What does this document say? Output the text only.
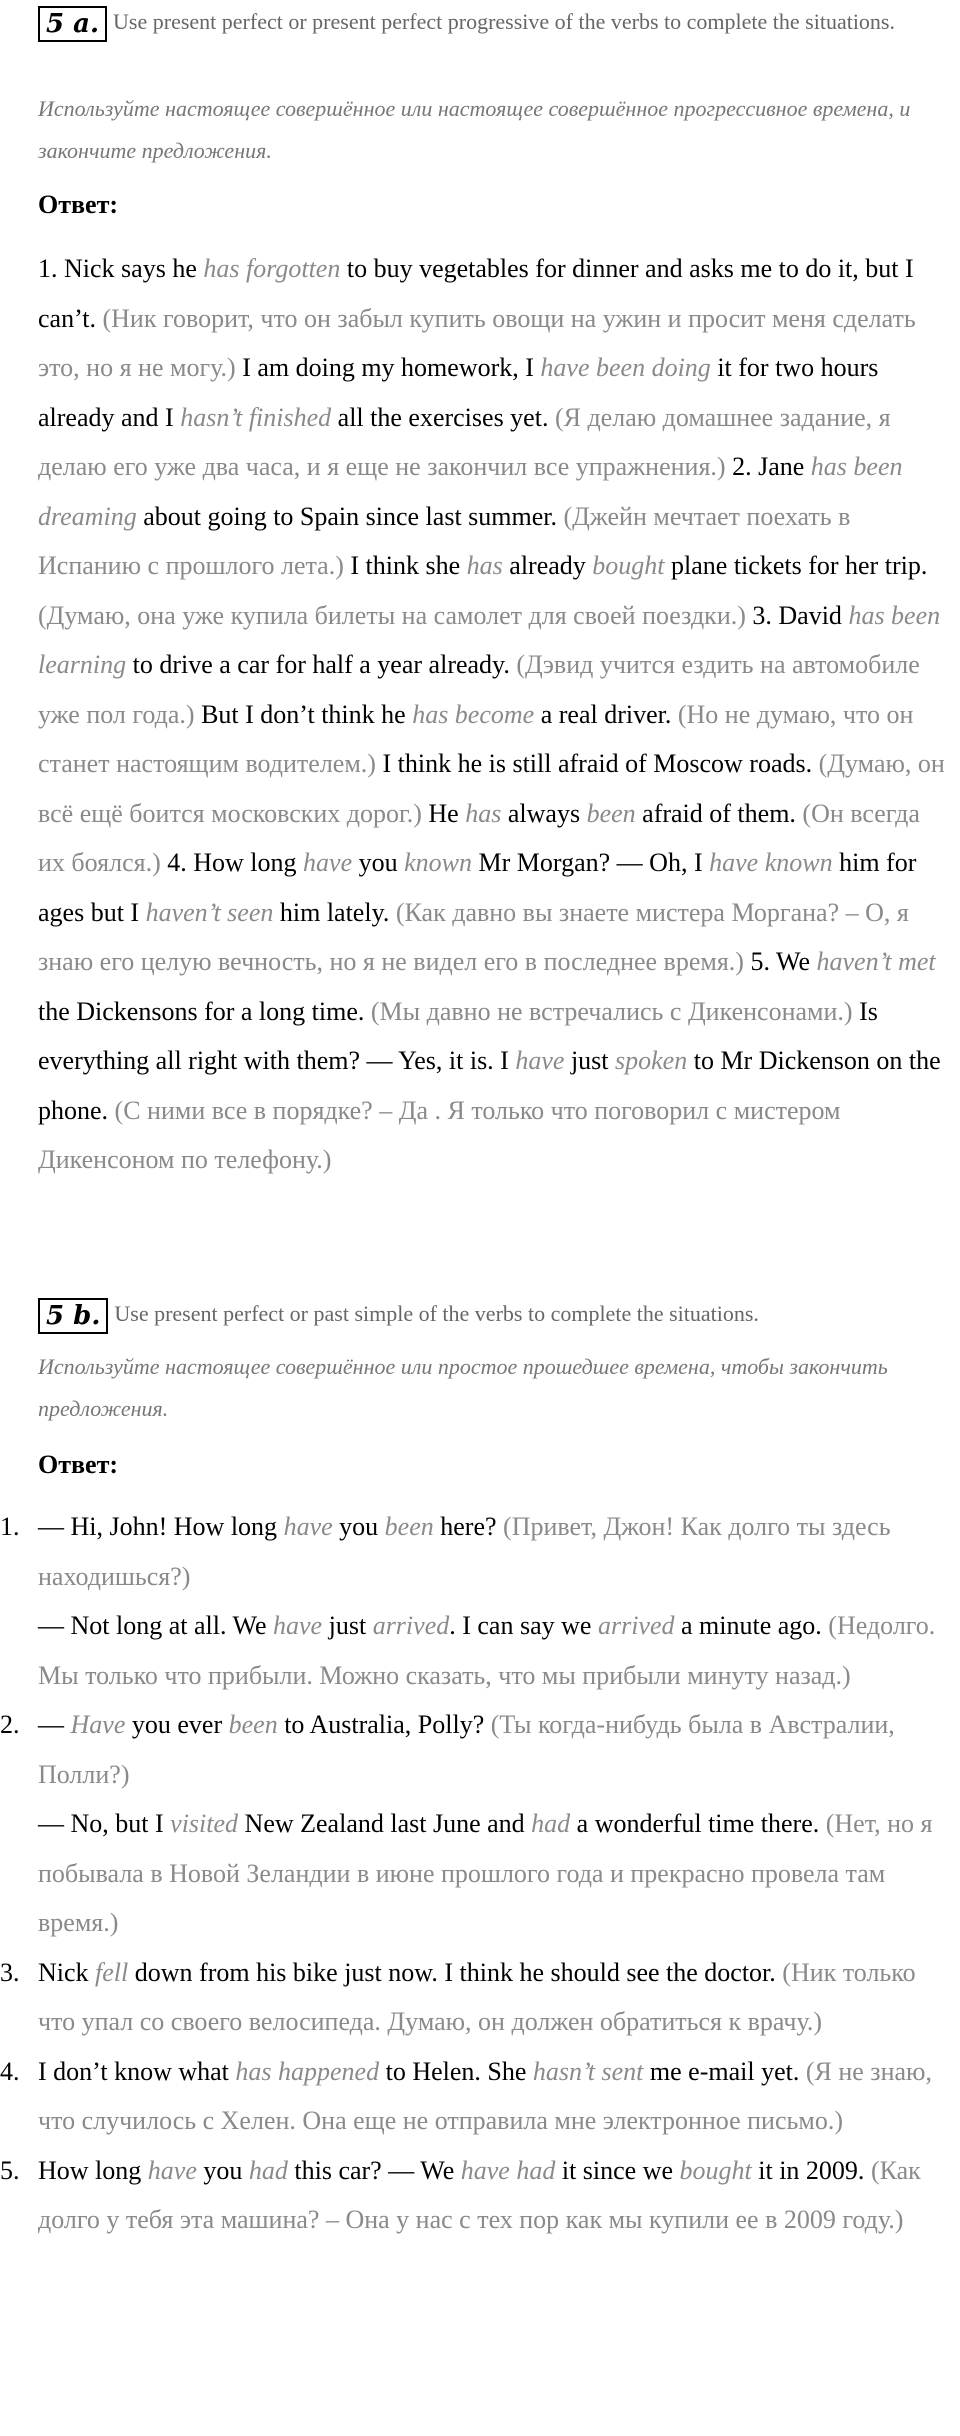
5 a. Use present perfect or present perfect progressive of the verbs to complete the situations.
Используйте настоящее совершённое или настоящее совершённое прогрессивное времена, и закончите предложения.
Ответ:
1. Nick says he has forgotten to buy vegetables for dinner and asks me to do it, but I can’t. (Ник говорит, что он забыл купить овощи на ужин и просит меня сделать это, но я не могу.) I am doing my homework, I have been doing it for two hours already and I hasn’t finished all the exercises yet. (Я делаю домашнее задание, я делаю его уже два часа, и я еще не закончил все упражнения.) 2. Jane has been dreaming about going to Spain since last summer. (Джейн мечтает поехать в Испанию с прошлого лета.) I think she has already bought plane tickets for her trip. (Думаю, она уже купила билеты на самолет для своей поездки.) 3. David has been learning to drive a car for half a year already. (Дэвид учится ездить на автомобиле уже пол года.) But I don’t think he has become a real driver. (Но не думаю, что он станет настоящим водителем.) I think he is still afraid of Moscow roads. (Думаю, он всё ещё боится московских дорог.) He has always been afraid of them. (Он всегда их боялся.) 4. How long have you known Mr Morgan? — Oh, I have known him for ages but I haven’t seen him lately. (Как давно вы знаете мистера Моргана? – О, я знаю его целую вечность, но я не видел его в последнее время.) 5. We haven’t met the Dickensons for a long time. (Мы давно не встречались с Дикенсонами.) Is everything all right with them? — Yes, it is. I have just spoken to Mr Dickenson on the phone. (С ними все в порядке? – Да . Я только что поговорил с мистером Дикенсоном по телефону.)
5 b. Use present perfect or past simple of the verbs to complete the situations.
Используйте настоящее совершённое или простое прошедшее времена, чтобы закончить предложения.
Ответ:
1. — Hi, John! How long have you been here? (Привет, Джон! Как долго ты здесь находишься?)
— Not long at all. We have just arrived. I can say we arrived a minute ago. (Недолго. Мы только что прибыли. Можно сказать, что мы прибыли минуту назад.)
2. — Have you ever been to Australia, Polly? (Ты когда-нибудь была в Австралии, Полли?)
— No, but I visited New Zealand last June and had a wonderful time there. (Нет, но я побывала в Новой Зеландии в июне прошлого года и прекрасно провела там время.)
3. Nick fell down from his bike just now. I think he should see the doctor. (Ник только что упал со своего велосипеда. Думаю, он должен обратиться к врачу.)
4. I don’t know what has happened to Helen. She hasn’t sent me e-mail yet. (Я не знаю, что случилось с Хелен. Она еще не отправила мне электронное письмо.)
5. How long have you had this car? — We have had it since we bought it in 2009. (Как долго у тебя эта машина? – Она у нас с тех пор как мы купили ее в 2009 году.)
